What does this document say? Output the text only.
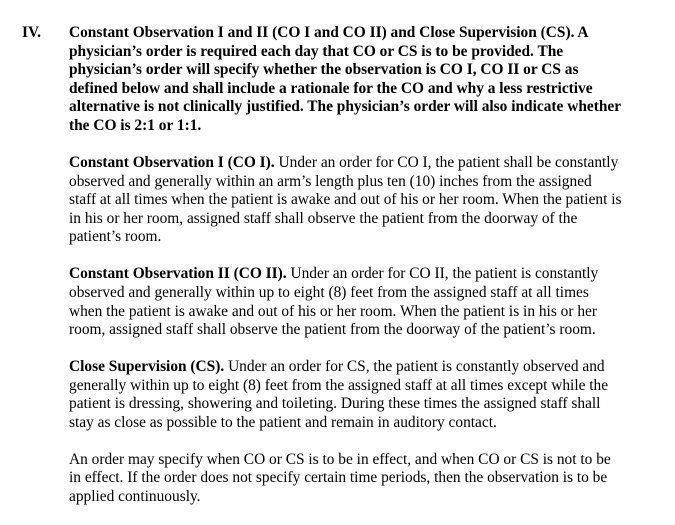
IV. Constant Observation I and II (CO I and CO II) and Close Supervision (CS). A
physician’s order is required each day that CO or CS is to be provided. The
physician’s order will specify whether the observation is CO I, CO II or CS as
defined below and shall include a rationale for the CO and why a less restrictive
alternative is not clinically justified. The physician’s order will also indicate whether
the CO is 2:1 or 1:1.

Constant Observation I (CO I). Under an order for CO I, the patient shall be constantly
observed and generally within an arm’s length plus ten (10) inches from the assigned
staff at all times when the patient is awake and out of his or her room. When the patient is
in his or her room, assigned staff shall observe the patient from the doorway of the
patient’s room.

Constant Observation II (CO II). Under an order for CO II, the patient is constantly
observed and generally within up to eight (8) feet from the assigned staff at all times
when the patient is awake and out of his or her room. When the patient is in his or her
room, assigned staff shall observe the patient from the doorway of the patient’s room.

Close Supervision (CS). Under an order for CS, the patient is constantly observed and
generally within up to eight (8) feet from the assigned staff at all times except while the
patient is dressing, showering and toileting. During these times the assigned staff shall
stay as close as possible to the patient and remain in auditory contact.

An order may specify when CO or CS is to be in effect, and when CO or CS is not to be
in effect. If the order does not specify certain time periods, then the observation is to be
applied continuously.
